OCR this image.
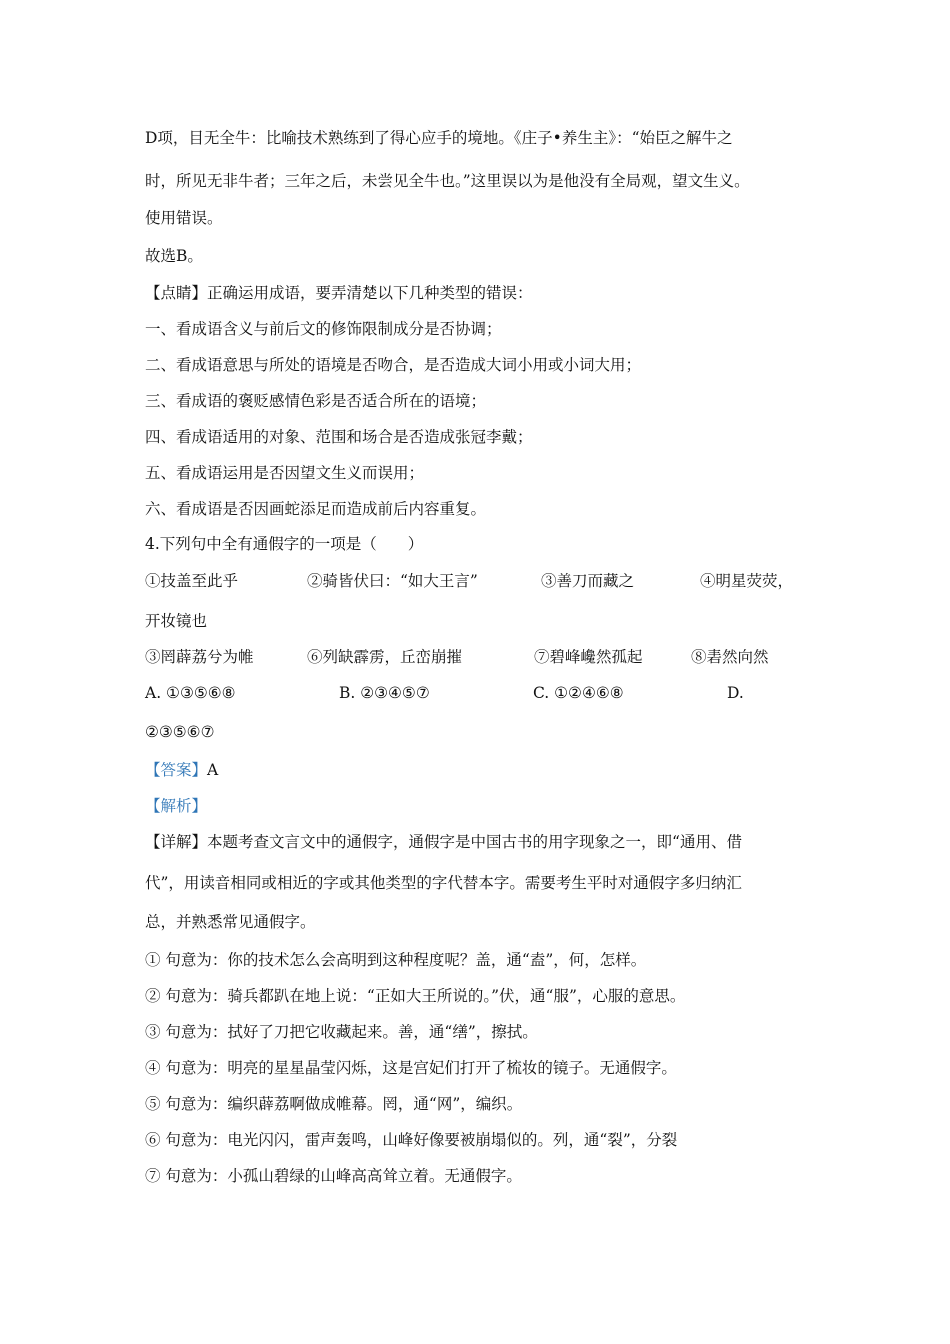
D项，目无全牛：比喻技术熟练到了得心应手的境地。《庄子•养生主》：“始臣之解牛之
时，所见无非牛者；三年之后，未尝见全牛也。”这里误以为是他没有全局观，望文生义。
使用错误。
故选B。
【点睛】正确运用成语，要弄清楚以下几种类型的错误：
一、看成语含义与前后文的修饰限制成分是否协调；
二、看成语意思与所处的语境是否吻合，是否造成大词小用或小词大用；
三、看成语的褒贬感情色彩是否适合所在的语境；
四、看成语适用的对象、范围和场合是否造成张冠李戴；
五、看成语运用是否因望文生义而误用；
六、看成语是否因画蛇添足而造成前后内容重复。
4.下列句中全有通假字的一项是（　　）
①技盖至此乎	②骑皆伏曰：“如大王言”	③善刀而藏之	④明星荧荧，
开妆镜也
③罔薜荔兮为帷	⑥列缺霹雳，丘峦崩摧	⑦碧峰巉然孤起	⑧砉然向然
A. ①③⑤⑥⑧	B. ②③④⑤⑦	C. ①②④⑥⑧	D.
②③⑤⑥⑦
【答案】A
【解析】
【详解】本题考查文言文中的通假字，通假字是中国古书的用字现象之一，即“通用、借
代”，用读音相同或相近的字或其他类型的字代替本字。需要考生平时对通假字多归纳汇
总，并熟悉常见通假字。
① 句意为：你的技术怎么会高明到这种程度呢？盖，通“盍”，何，怎样。
② 句意为：骑兵都趴在地上说：“正如大王所说的。”伏，通“服”，心服的意思。
③ 句意为：拭好了刀把它收藏起来。善，通“缮”，擦拭。
④ 句意为：明亮的星星晶莹闪烁，这是宫妃们打开了梳妆的镜子。无通假字。
⑤ 句意为：编织薜荔啊做成帷幕。罔，通“网”，编织。
⑥ 句意为：电光闪闪，雷声轰鸣，山峰好像要被崩塌似的。列，通“裂”，分裂
⑦ 句意为：小孤山碧绿的山峰高高耸立着。无通假字。
